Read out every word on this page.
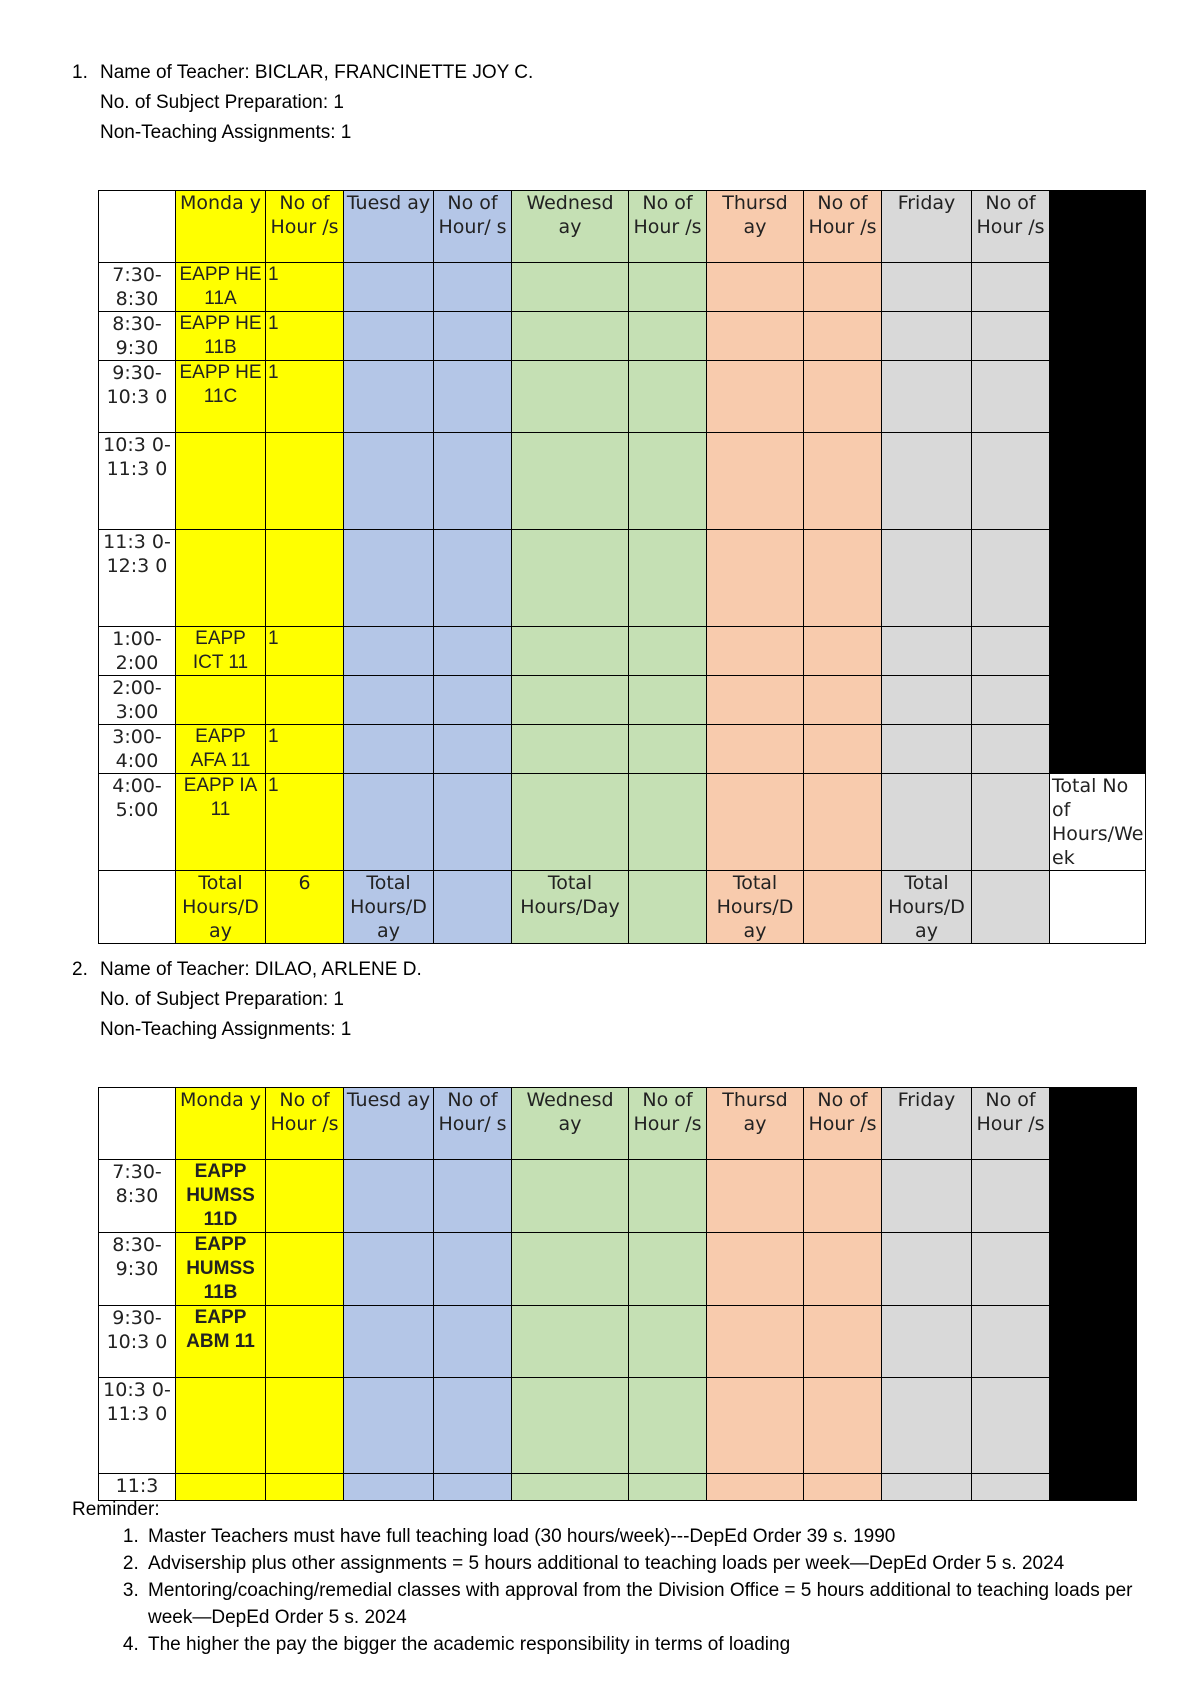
1. Name of Teacher: BICLAR, FRANCINETTE JOY C.
No. of Subject Preparation: 1
Non-Teaching Assignments: 1
	Monda y	No of Hour /s	Tuesd ay	No of Hour/ s	Wednesd ay	No of Hour /s	Thursd ay	No of Hour /s	Friday	No of Hour /s	
7:30- 8:30	EAPP HE 11A	1									
8:30- 9:30	EAPP HE 11B	1									
9:30- 10:3 0	EAPP HE 11C	1									
10:3 0- 11:3 0											
11:3 0- 12:3 0											
1:00- 2:00	EAPP ICT 11	1									
2:00- 3:00											
3:00- 4:00	EAPP AFA 11	1									
4:00- 5:00	EAPP IA 11	1									Total No of Hours/We ek
	Total Hours/D ay	6	Total Hours/D ay		Total Hours/Day		Total Hours/D ay		Total Hours/D ay		
2. Name of Teacher: DILAO, ARLENE D.
No. of Subject Preparation: 1
Non-Teaching Assignments: 1
	Monda y	No of Hour /s	Tuesd ay	No of Hour/ s	Wednesd ay	No of Hour /s	Thursd ay	No of Hour /s	Friday	No of Hour /s	
7:30- 8:30	EAPP HUMSS 11D										
8:30- 9:30	EAPP HUMSS 11B										
9:30- 10:3 0	EAPP ABM 11										
10:3 0- 11:3 0											
11:3											
Reminder:
1. Master Teachers must have full teaching load (30 hours/week)---DepEd Order 39 s. 1990
2. Advisership plus other assignments = 5 hours additional to teaching loads per week—DepEd Order 5 s. 2024
3. Mentoring/coaching/remedial classes with approval from the Division Office = 5 hours additional to teaching loads per week—DepEd Order 5 s. 2024
4. The higher the pay the bigger the academic responsibility in terms of loading
